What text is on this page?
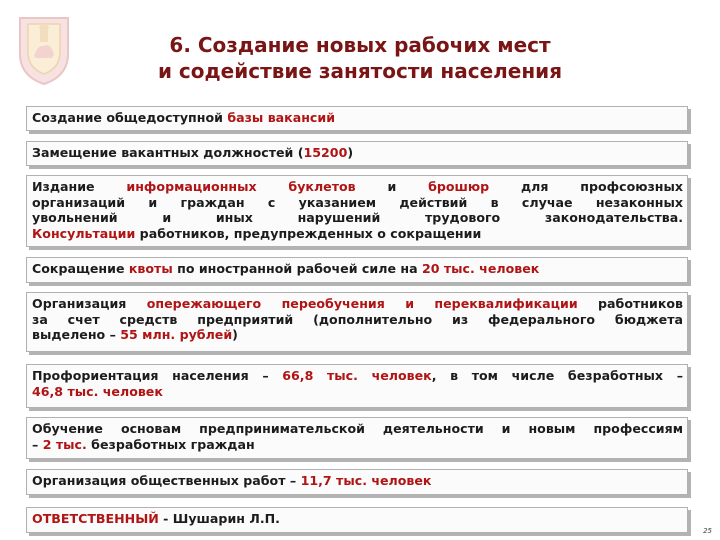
6. Создание новых рабочих мест
и содействие занятости населения
Создание общедоступной базы вакансий
Замещение вакантных должностей (15200)
Издание информационных буклетов и брошюр для профсоюзных
организаций и граждан с указанием действий в случае незаконных
увольнений и иных нарушений трудового законодательства.
Консультации работников, предупрежденных о сокращении
Сокращение квоты по иностранной рабочей силе на 20 тыс. человек
Организация опережающего переобучения и переквалификации работников
за счет средств предприятий (дополнительно из федерального бюджета
выделено – 55 млн. рублей)
Профориентация населения – 66,8 тыс. человек, в том числе безработных –
46,8 тыс. человек
Обучение основам предпринимательской деятельности и новым профессиям
– 2 тыс. безработных граждан
Организация общественных работ – 11,7 тыс. человек
ОТВЕТСТВЕННЫЙ - Шушарин Л.П.
25
